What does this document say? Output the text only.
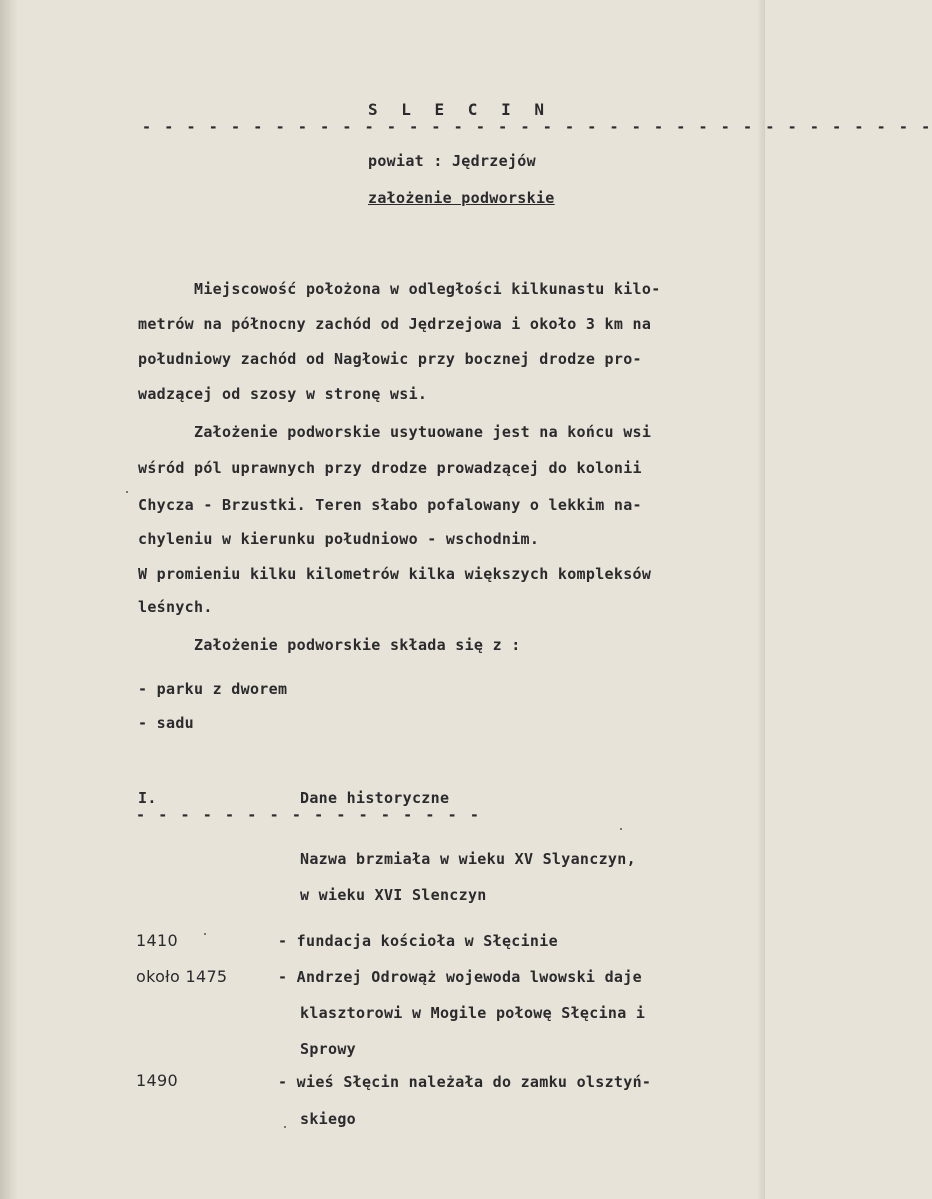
S L E C I N
- - - - - - - - - - - - - - - - - - - - - - - - - - - - - - - - - - - -
powiat : Jędrzejów
założenie podworskie
Miejscowość położona w odległości kilkunastu kilo-
metrów na północny zachód od Jędrzejowa i około 3 km na
południowy zachód od Nagłowic przy bocznej drodze pro-
wadzącej od szosy w stronę wsi.
Założenie podworskie usytuowane jest na końcu wsi
wśród pól uprawnych przy drodze prowadzącej do kolonii
Chycza - Brzustki. Teren słabo pofalowany o lekkim na-
chyleniu w kierunku południowo - wschodnim.
W promieniu kilku kilometrów kilka większych kompleksów
leśnych.
Założenie podworskie składa się z :
- parku z dworem
- sadu
I.	Dane historyczne
- - - - - - - - - - - - - - - -
Nazwa brzmiała w wieku XV Slyanczyn,
w wieku XVI Slenczyn
1410	- fundacja kościoła w Słęcinie
około 1475	- Andrzej Odrowąż wojewoda lwowski daje
klasztorowi w Mogile połowę Słęcina i
Sprowy
1490	- wieś Słęcin należała do zamku olsztyń-
skiego
